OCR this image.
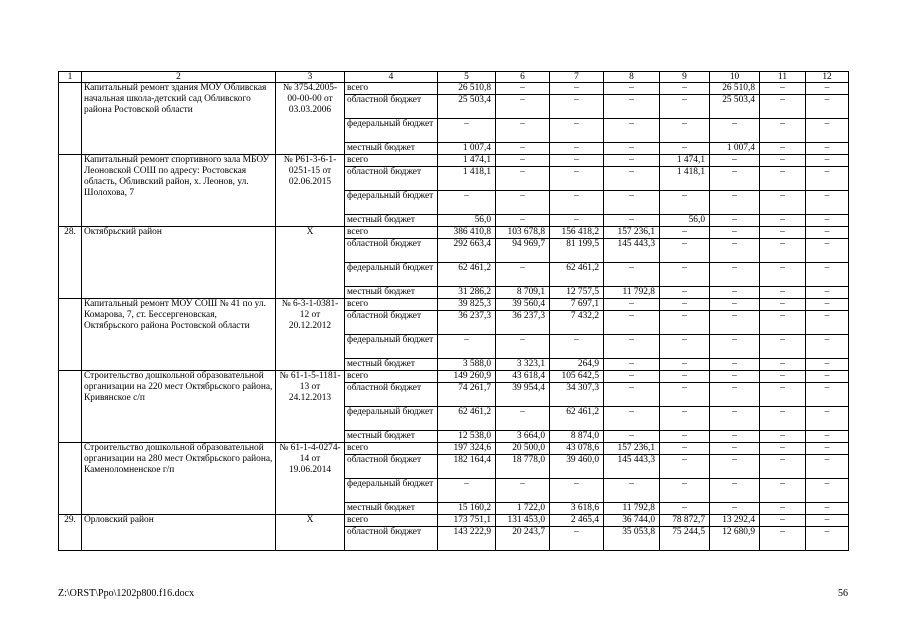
1	2	3	4	5	6	7	8	9	10	11	12
	Капитальный ремонт здания МОУ Обливская начальная школа-детский сад Обливского района Ростовской области	№ 3754.2005-00-00-00 от 03.03.2006	всего	26 510,8	–	–	–	–	26 510,8	–	–
			областной бюджет	25 503,4	–	–	–	–	25 503,4	–	–
			федеральный бюджет	–	–	–	–	–	–	–	–
			местный бюджет	1 007,4	–	–	–	–	1 007,4	–	–
	Капитальный ремонт спортивного зала МБОУ Леоновской СОШ по адресу: Ростовская область, Обливский район, х. Леонов, ул. Шолохова, 7	№ Р61-3-6-1-0251-15 от 02.06.2015	всего	1 474,1	–	–	–	1 474,1	–	–	–
			областной бюджет	1 418,1	–	–	–	1 418,1	–	–	–
			федеральный бюджет	–	–	–	–	–	–	–	–
			местный бюджет	56,0	–	–	–	56,0	–	–	–
28.	Октябрьский район	Х	всего	386 410,8	103 678,8	156 418,2	157 236,1	–	–	–	–
			областной бюджет	292 663,4	94 969,7	81 199,5	145 443,3	–	–	–	–
			федеральный бюджет	62 461,2	–	62 461,2	–	–	–	–	–
			местный бюджет	31 286,2	8 709,1	12 757,5	11 792,8	–	–	–	–
	Капитальный ремонт МОУ СОШ № 41 по ул. Комарова, 7, ст. Бессергеновская, Октябрьского района Ростовской области	№ 6-3-1-0381-12 от 20.12.2012	всего	39 825,3	39 560,4	7 697,1	–	–	–	–	–
			областной бюджет	36 237,3	36 237,3	7 432,2	–	–	–	–	–
			федеральный бюджет	–	–	–	–	–	–	–	–
			местный бюджет	3 588,0	3 323,1	264,9	–	–	–	–	–
	Строительство дошкольной образовательной организации на 220 мест Октябрьского района, Кривянское с/п	№ 61-1-5-1181-13 от 24.12.2013	всего	149 260,9	43 618,4	105 642,5	–	–	–	–	–
			областной бюджет	74 261,7	39 954,4	34 307,3	–	–	–	–	–
			федеральный бюджет	62 461,2	–	62 461,2	–	–	–	–	–
			местный бюджет	12 538,0	3 664,0	8 874,0	–	–	–	–	–
	Строительство дошкольной образовательной организации на 280 мест Октябрьского района, Каменоломненское г/п	№ 61-1-4-0274-14 от 19.06.2014	всего	197 324,6	20 500,0	43 078,6	157 236,1	–	–	–	–
			областной бюджет	182 164,4	18 778,0	39 460,0	145 443,3	–	–	–	–
			федеральный бюджет	–	–	–	–	–	–	–	–
			местный бюджет	15 160,2	1 722,0	3 618,6	11 792,8	–	–	–	–
29.	Орловский район	Х	всего	173 751,1	131 453,0	2 465,4	36 744,0	78 872,7	13 292,4	–	–
			областной бюджет	143 222,9	20 243,7	–	35 053,8	75 244,5	12 680,9	–	–
Z:\ORST\Ppo\1202p800.f16.docx	56
